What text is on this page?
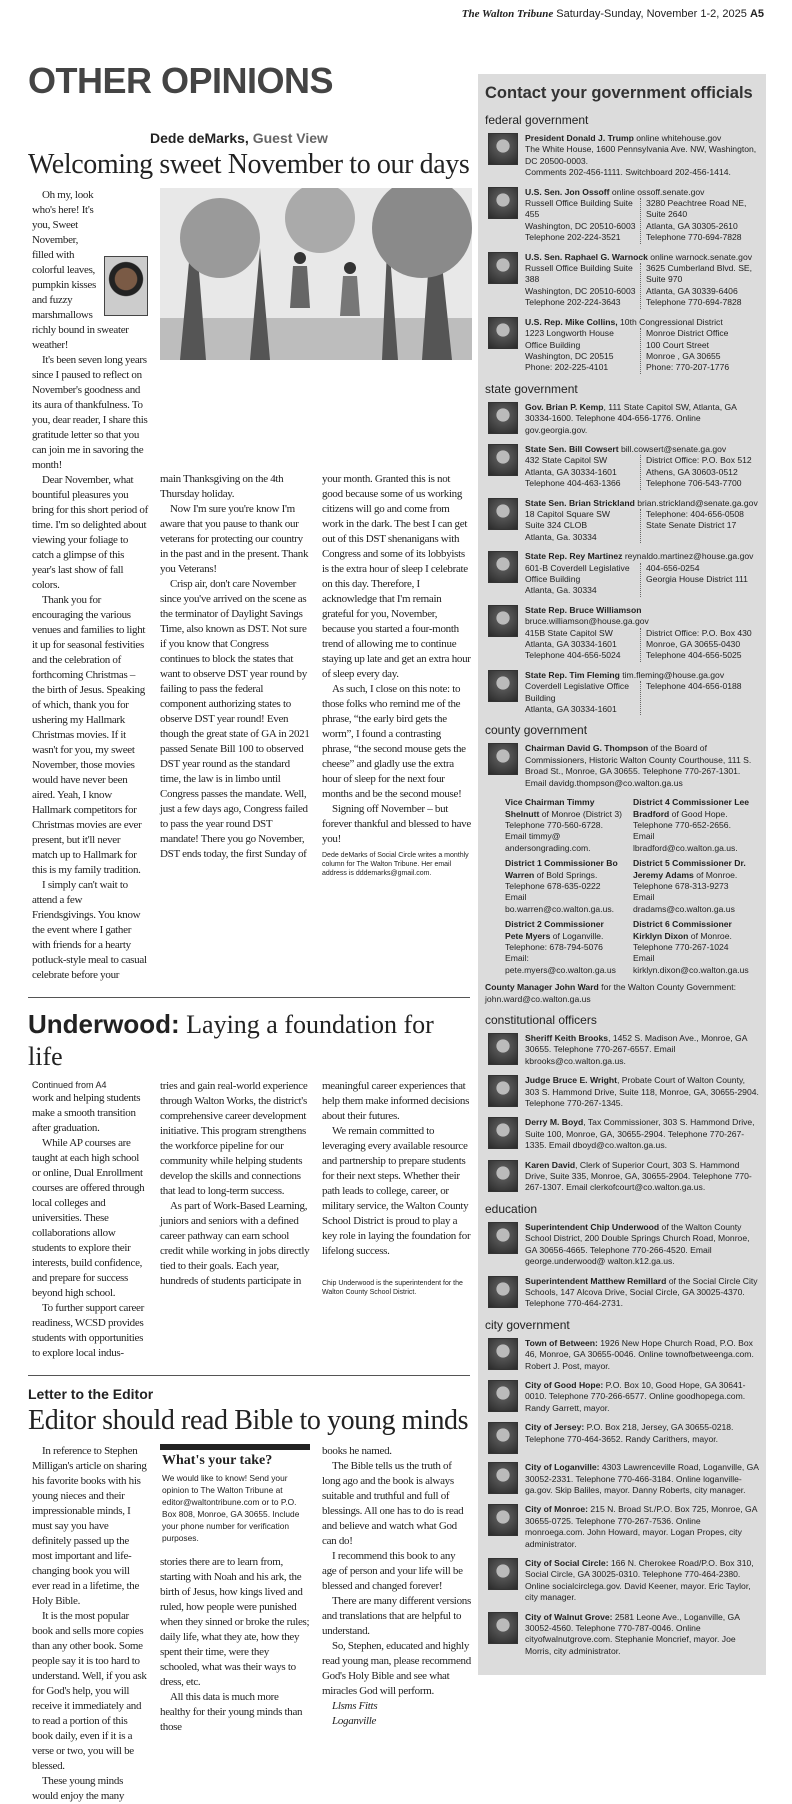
The Walton Tribune Saturday-Sunday, November 1-2, 2025 A5
OTHER OPINIONS
Dede deMarks, Guest View
Welcoming sweet November to our days

Oh my, look who's here! It's you, Sweet November, filled with colorful leaves, pumpkin kisses and fuzzy marshmallows richly bound in sweater weather!

It's been seven long years since I paused to reflect on November's goodness and its aura of thankfulness. To you, dear reader, I share this gratitude letter so that you can join me in savoring the month!

Dear November, what bountiful pleasures you bring for this short period of time. I'm so delighted about viewing your foliage to catch a glimpse of this year's last show of fall colors.

Thank you for encouraging the various venues and families to light it up for seasonal festivities and the celebration of forthcoming Christmas – the birth of Jesus. Speaking of which, thank you for ushering my Hallmark Christmas movies. If it wasn't for you, my sweet November, those movies would have never been aired. Yeah, I know Hallmark competitors for Christmas movies are ever present, but it'll never match up to Hallmark for this is my family tradition.

I simply can't wait to attend a few Friendsgivings. You know the event where I gather with friends for a hearty potluck-style meal to casual celebrate before your

main Thanksgiving on the 4th Thursday holiday.

Now I'm sure you're know I'm aware that you pause to thank our veterans for protecting our country in the past and in the present. Thank you Veterans!

Crisp air, don't care November since you've arrived on the scene as the terminator of Daylight Savings Time, also known as DST. Not sure if you know that Congress continues to block the states that want to observe DST year round by failing to pass the federal component authorizing states to observe DST year round! Even though the great state of GA in 2021 passed Senate Bill 100 to observed DST year round as the standard time, the law is in limbo until Congress passes the mandate. Well, just a few days ago, Congress failed to pass the year round DST mandate! There you go November, DST ends today, the first Sunday of

your month. Granted this is not good because some of us working citizens will go and come from work in the dark. The best I can get out of this DST shenanigans with Congress and some of its lobbyists is the extra hour of sleep I celebrate on this day. Therefore, I acknowledge that I'm remain grateful for you, November, because you started a four-month trend of allowing me to continue staying up late and get an extra hour of sleep every day.

As such, I close on this note: to those folks who remind me of the phrase, “the early bird gets the worm”, I found a contrasting phrase, “the second mouse gets the cheese” and gladly use the extra hour of sleep for the next four months and be the second mouse!

Signing off November – but forever thankful and blessed to have you!

Dede deMarks of Social Circle writes a monthly column for The Walton Tribune. Her email address is dddemarks@gmail.com.

Underwood: Laying a foundation for life
Continued from A4

work and helping students make a smooth transition after graduation.

While AP courses are taught at each high school or online, Dual Enrollment courses are offered through local colleges and universities. These collaborations allow students to explore their interests, build confidence, and prepare for success beyond high school.

To further support career readiness, WCSD provides students with opportunities to explore local indus-

tries and gain real-world experience through Walton Works, the district's comprehensive career development initiative. This program strengthens the workforce pipeline for our community while helping students develop the skills and connections that lead to long-term success.

As part of Work-Based Learning, juniors and seniors with a defined career pathway can earn school credit while working in jobs directly tied to their goals. Each year, hundreds of students participate in

meaningful career experiences that help them make informed decisions about their futures.

We remain committed to leveraging every available resource and partnership to prepare students for their next steps. Whether their path leads to college, career, or military service, the Walton County School District is proud to play a key role in laying the foundation for lifelong success.

Chip Underwood is the superintendent for the Walton County School District.

Letter to the Editor
Editor should read Bible to young minds

In reference to Stephen Milligan's article on sharing his favorite books with his young nieces and their impressionable minds, I must say you have definitely passed up the most important and life-changing book you will ever read in a lifetime, the Holy Bible.

It is the most popular book and sells more copies than any other book. Some people say it is too hard to understand. Well, if you ask for God's help, you will receive it immediately and to read a portion of this book daily, even if it is a verse or two, you will be blessed.

These young minds would enjoy the many

What's your take?
We would like to know! Send your opinion to The Walton Tribune at editor@waltontribune.com or to P.O. Box 808, Monroe, GA 30655. Include your phone number for verification purposes.

stories there are to learn from, starting with Noah and his ark, the birth of Jesus, how kings lived and ruled, how people were punished when they sinned or broke the rules; daily life, what they ate, how they spent their time, were they schooled, what was their ways to dress, etc.

All this data is much more healthy for their young minds than those

books he named.

The Bible tells us the truth of long ago and the book is always suitable and truthful and full of blessings. All one has to do is read and believe and watch what God can do!

I recommend this book to any age of person and your life will be blessed and changed forever!

There are many different versions and translations that are helpful to understand.

So, Stephen, educated and highly read young man, please recommend God's Holy Bible and see what miracles God will perform.

Llsms Fitts

Loganville

Contact your government officials
federal government
President Donald J. Trump online whitehouse.gov
The White House, 1600 Pennsylvania Ave. NW, Washington, DC 20500-0003.
Comments 202-456-1111. Switchboard 202-456-1414.
U.S. Sen. Jon Ossoff online ossoff.senate.gov
Russell Office Building Suite 455
Washington, DC 20510-6003
Telephone 202-224-3521
3280 Peachtree Road NE, Suite 2640
Atlanta, GA 30305-2610
Telephone 770-694-7828
U.S. Sen. Raphael G. Warnock online warnock.senate.gov
Russell Office Building Suite 388
Washington, DC 20510-6003
Telephone 202-224-3643
3625 Cumberland Blvd. SE, Suite 970
Atlanta, GA 30339-6406
Telephone 770-694-7828
U.S. Rep. Mike Collins, 10th Congressional District
1223 Longworth House Office Building
Washington, DC 20515
Phone: 202-225-4101
Monroe District Office
100 Court Street
Monroe , GA 30655
Phone: 770-207-1776
state government
Gov. Brian P. Kemp, 111 State Capitol SW, Atlanta, GA 30334-1600. Telephone 404-656-1776. Online gov.georgia.gov.
State Sen. Bill Cowsert bill.cowsert@senate.ga.gov
432 State Capitol SW
Atlanta, GA 30334-1601
Telephone 404-463-1366
District Office: P.O. Box 512
Athens, GA 30603-0512
Telephone 706-543-7700
State Sen. Brian Strickland brian.strickland@senate.ga.gov
18 Capitol Square SW
Suite 324 CLOB
Atlanta, Ga. 30334
Telephone: 404-656-0508
State Senate District 17
State Rep. Rey Martinez reynaldo.martinez@house.ga.gov
601-B Coverdell Legislative Office Building
Atlanta, Ga. 30334
404-656-0254
Georgia House District 111
State Rep. Bruce Williamson bruce.williamson@house.ga.gov
415B State Capitol SW
Atlanta, GA 30334-1601
Telephone 404-656-5024
District Office: P.O. Box 430
Monroe, GA 30655-0430
Telephone 404-656-5025
State Rep. Tim Fleming tim.fleming@house.ga.gov
Coverdell Legislative Office Building
Atlanta, GA 30334-1601
Telephone 404-656-0188
county government
Chairman David G. Thompson of the Board of Commissioners, Historic Walton County Courthouse, 111 S. Broad St., Monroe, GA 30655. Telephone 770-267-1301. Email davidg.thompson@co.walton.ga.us
Vice Chairman Timmy Shelnutt of Monroe (District 3) Telephone 770-560-6728. Email timmy@ andersongrading.com.
District 4 Commissioner Lee Bradford of Good Hope. Telephone 770-652-2656. Email lbradford@co.walton.ga.us.
District 1 Commissioner Bo Warren of Bold Springs. Telephone 678-635-0222 Email bo.warren@co.walton.ga.us.
District 5 Commissioner Dr. Jeremy Adams of Monroe. Telephone 678-313-9273 Email dradams@co.walton.ga.us
District 2 Commissioner Pete Myers of Loganville. Telephone: 678-794-5076 Email: pete.myers@co.walton.ga.us
District 6 Commissioner Kirklyn Dixon of Monroe. Telephone 770-267-1024 Email kirklyn.dixon@co.walton.ga.us
County Manager John Ward for the Walton County Government: john.ward@co.walton.ga.us
constitutional officers
Sheriff Keith Brooks, 1452 S. Madison Ave., Monroe, GA 30655. Telephone 770-267-6557. Email kbrooks@co.walton.ga.us.
Judge Bruce E. Wright, Probate Court of Walton County, 303 S. Hammond Drive, Suite 118, Monroe, GA, 30655-2904. Telephone 770-267-1345.
Derry M. Boyd, Tax Commissioner, 303 S. Hammond Drive, Suite 100, Monroe, GA, 30655-2904. Telephone 770-267-1335. Email dboyd@co.walton.ga.us.
Karen David, Clerk of Superior Court, 303 S. Hammond Drive, Suite 335, Monroe, GA, 30655-2904. Telephone 770-267-1307. Email clerkofcourt@co.walton.ga.us.
education
Superintendent Chip Underwood of the Walton County School District, 200 Double Springs Church Road, Monroe, GA 30656-4665. Telephone 770-266-4520. Email george.underwood@ walton.k12.ga.us.
Superintendent Matthew Remillard of the Social Circle City Schools, 147 Alcova Drive, Social Circle, GA 30025-4370. Telephone 770-464-2731.
city government
Town of Between: 1926 New Hope Church Road, P.O. Box 46, Monroe, GA 30655-0046. Online townofbetweenga.com. Robert J. Post, mayor.
City of Good Hope: P.O. Box 10, Good Hope, GA 30641-0010. Telephone 770-266-6577. Online goodhopega.com. Randy Garrett, mayor.
City of Jersey: P.O. Box 218, Jersey, GA 30655-0218. Telephone 770-464-3652. Randy Carithers, mayor.
City of Loganville: 4303 Lawrenceville Road, Loganville, GA 30052-2331. Telephone 770-466-3184. Online loganville-ga.gov. Skip Baliles, mayor. Danny Roberts, city manager.
City of Monroe: 215 N. Broad St./P.O. Box 725, Monroe, GA 30655-0725. Telephone 770-267-7536. Online monroega.com. John Howard, mayor. Logan Propes, city administrator.
City of Social Circle: 166 N. Cherokee Road/P.O. Box 310, Social Circle, GA 30025-0310. Telephone 770-464-2380. Online socialcirclega.gov. David Keener, mayor. Eric Taylor, city manager.
City of Walnut Grove: 2581 Leone Ave., Loganville, GA 30052-4560. Telephone 770-787-0046. Online cityofwalnutgrove.com. Stephanie Moncrief, mayor. Joe Morris, city administrator.
